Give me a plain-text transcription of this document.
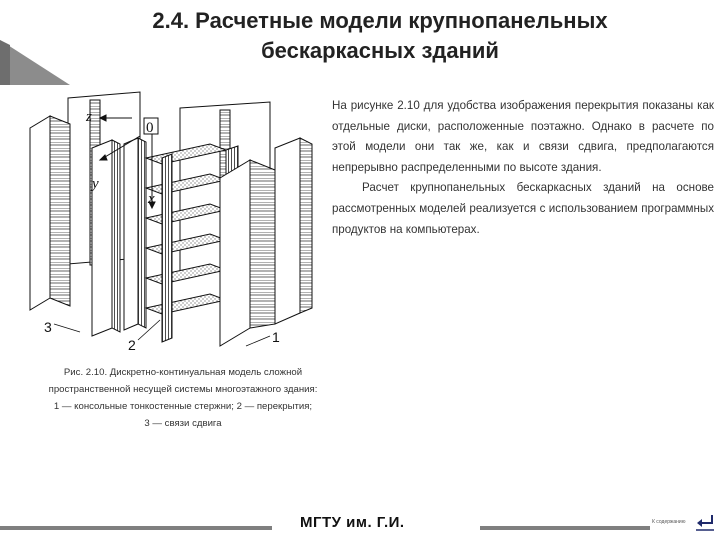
2.4. Расчетные модели крупнопанельных
бескаркасных зданий

На рисунке 2.10 для удобства изображения перекрытия показаны как отдельные диски, расположенные поэтажно. Однако в расчете по этой модели они так же, как и связи сдвига, предполагаются непрерывно распределенными по высоте здания.

Расчет крупнопанельных бескаркасных зданий на основе рассмотренных моделей реализуется с использованием программных продуктов на компьютерах.

z
0
y
x
3
2	1
Рис. 2.10. Дискретно-континуальная модель сложной
пространственной несущей системы многоэтажного здания:
1 — консольные тонкостенные стержни; 2 — перекрытия;
3 — связи сдвига
МГТУ им. Г.И.	К содержанию
